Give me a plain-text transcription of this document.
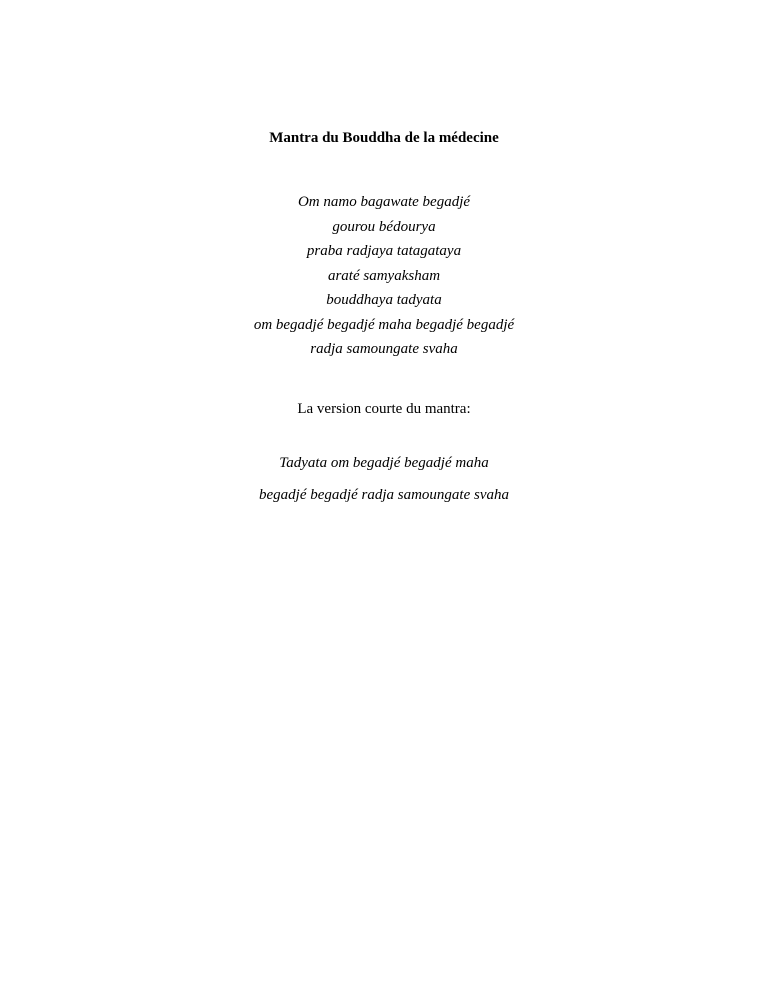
Mantra du Bouddha de la médecine
Om namo bagawate begadjé
gourou bédourya
praba radjaya tatagataya
araté samyaksham
bouddhaya tadyata
om begadjé begadjé maha begadjé begadjé
radja samoungate svaha
La version courte du mantra:
Tadyata om begadjé begadjé maha
begadjé begadjé radja samoungate svaha
